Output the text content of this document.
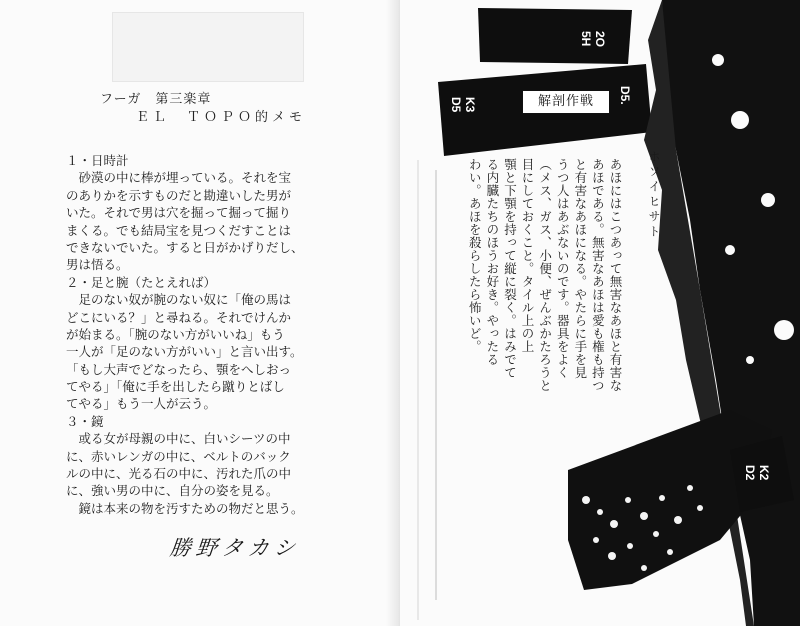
フーガ　第三楽章
ＥＬ　ＴＯＰＯ的メモ
１・日時計
　砂漠の中に棒が埋っている。それを宝
のありかを示すものだと勘違いした男が
いた。それで男は穴を掘って掘って掘り
まくる。でも結局宝を見つくだすことは
できないでいた。すると日がかげりだし、
男は悟る。
２・足と腕（たとえれば）
　足のない奴が腕のない奴に「俺の馬は
どこにいる？」と尋ねる。それでけんか
が始まる。「腕のない方がいいね」もう
一人が「足のない方がいい」と言い出す。
「もし大声でどなったら、顎をへしおっ
てやる」「俺に手を出したら蹴りとばし
てやる」もう一人が云う。
３・鏡
　或る女が母親の中に、白いシーツの中
に、赤いレンガの中に、ベルトのバック
ルの中に、光る石の中に、汚れた爪の中
に、強い男の中に、自分の姿を見る。
　鏡は本来の物を汚すための物だと思う。
勝野タカシ
K3 D5	D5.
2O 5H
K2 D2
解剖作戦
あほにはこつあって無害なあほと有害な
あほである。無害なあほは愛も権も持つ
と有害なあほになる。やたらに手を見
うつ人はあぶないのです。器具をよく
（メス、ガス、小便、ぜんぶかたろうと
目にしておくこと。タイル上の上
顎と下顎を持って縦に裂く。はみでて
る内臓たちのほうお好き。やったる
わい。あほを殺らしたら怖いど。	ホソイヒサト
